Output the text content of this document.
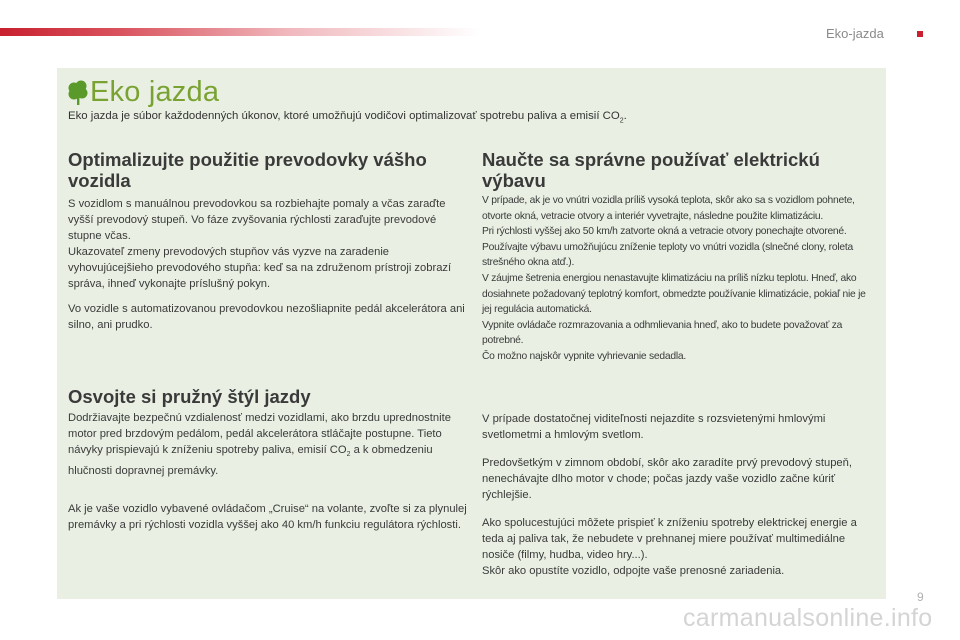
Eko-jazda
Eko jazda
Eko jazda je súbor každodenných úkonov, ktoré umožňujú vodičovi optimalizovať spotrebu paliva a emisií $CO_2$.
Optimalizujte použitie prevodovky vášho vozidla

S vozidlom s manuálnou prevodovkou sa rozbiehajte pomaly a včas zaraďte vyšší prevodový stupeň. Vo fáze zvyšovania rýchlosti zaraďujte prevodové stupne včas.

Ukazovateľ zmeny prevodových stupňov vás vyzve na zaradenie vyhovujúcejšieho prevodového stupňa: keď sa na združenom prístroji zobrazí správa, ihneď vykonajte príslušný pokyn.

Vo vozidle s automatizovanou prevodovkou nezošliapnite pedál akcelerátora ani silno, ani prudko.

Osvojte si pružný štýl jazdy

Dodržiavajte bezpečnú vzdialenosť medzi vozidlami, ako brzdu uprednostnite motor pred brzdovým pedálom, pedál akcelerátora stláčajte postupne. Tieto návyky prispievajú k zníženiu spotreby paliva, emisií $CO_2$ a k obmedzeniu hlučnosti dopravnej premávky.

Ak je vaše vozidlo vybavené ovládačom „Cruise“ na volante, zvoľte si za plynulej premávky a pri rýchlosti vozidla vyššej ako 40 km/h funkciu regulátora rýchlosti.

Naučte sa správne používať elektrickú výbavu

V prípade, ak je vo vnútri vozidla príliš vysoká teplota, skôr ako sa s vozidlom pohnete, otvorte okná, vetracie otvory a interiér vyvetrajte, následne použite klimatizáciu.

Pri rýchlosti vyššej ako 50 km/h zatvorte okná a vetracie otvory ponechajte otvorené.

Používajte výbavu umožňujúcu zníženie teploty vo vnútri vozidla (slnečné clony, roleta strešného okna atď.).

V záujme šetrenia energiou nenastavujte klimatizáciu na príliš nízku teplotu. Hneď, ako dosiahnete požadovaný teplotný komfort, obmedzte používanie klimatizácie, pokiaľ nie je jej regulácia automatická.

Vypnite ovládače rozmrazovania a odhmlievania hneď, ako to budete považovať za potrebné.

Čo možno najskôr vypnite vyhrievanie sedadla.

V prípade dostatočnej viditeľnosti nejazdite s rozsvietenými hmlovými svetlometmi a hmlovým svetlom.

Predovšetkým v zimnom období, skôr ako zaradíte prvý prevodový stupeň, nenechávajte dlho motor v chode; počas jazdy vaše vozidlo začne kúriť rýchlejšie.

Ako spolucestujúci môžete prispieť k zníženiu spotreby elektrickej energie a teda aj paliva tak, že nebudete v prehnanej miere používať multimediálne nosiče (filmy, hudba, video hry...).

Skôr ako opustíte vozidlo, odpojte vaše prenosné zariadenia.

9
carmanualsonline.info
